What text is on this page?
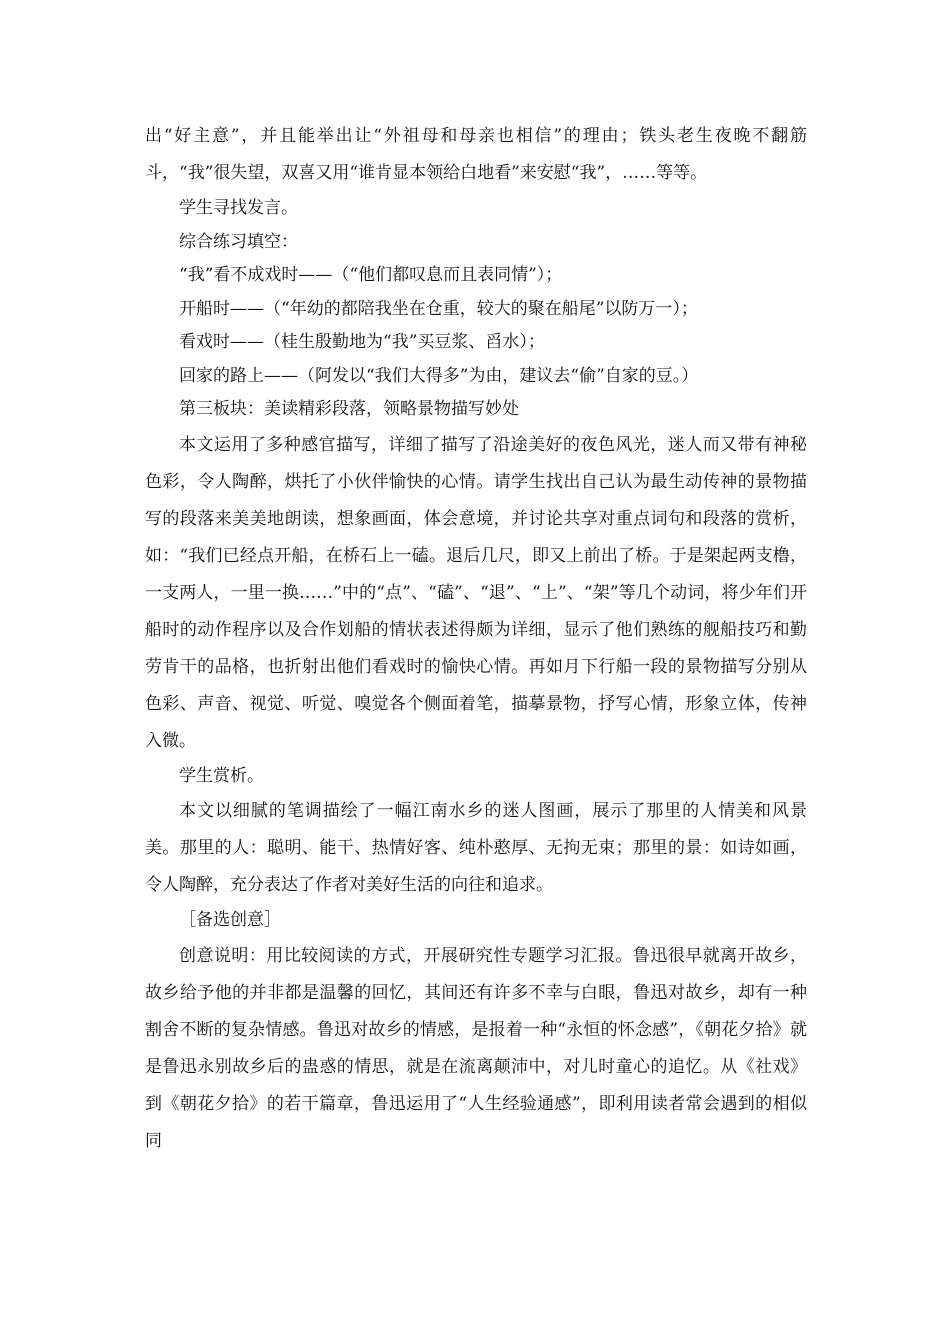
出“好主意”，并且能举出让“外祖母和母亲也相信”的理由；铁头老生夜晚不翻筋斗，“我”很失望，双喜又用“谁肯显本领给白地看”来安慰“我”，……等等。

学生寻找发言。

综合练习填空：

“我”看不成戏时——（“他们都叹息而且表同情”）；

开船时——（“年幼的都陪我坐在仓重，较大的聚在船尾”以防万一）；

看戏时——（桂生殷勤地为“我”买豆浆、舀水）；

回家的路上——（阿发以“我们大得多”为由，建议去“偷”自家的豆。）

第三板块：美读精彩段落，领略景物描写妙处

本文运用了多种感官描写，详细了描写了沿途美好的夜色风光，迷人而又带有神秘色彩，令人陶醉，烘托了小伙伴愉快的心情。请学生找出自己认为最生动传神的景物描写的段落来美美地朗读，想象画面，体会意境，并讨论共享对重点词句和段落的赏析，如：“我们已经点开船，在桥石上一磕。退后几尺，即又上前出了桥。于是架起两支橹，一支两人，一里一换……”中的“点”、“磕”、“退”、“上”、“架”等几个动词，将少年们开船时的动作程序以及合作划船的情状表述得颇为详细，显示了他们熟练的舰船技巧和勤劳肯干的品格，也折射出他们看戏时的愉快心情。再如月下行船一段的景物描写分别从色彩、声音、视觉、听觉、嗅觉各个侧面着笔，描摹景物，抒写心情，形象立体，传神入微。

学生赏析。

本文以细腻的笔调描绘了一幅江南水乡的迷人图画，展示了那里的人情美和风景美。那里的人：聪明、能干、热情好客、纯朴憨厚、无拘无束；那里的景：如诗如画，令人陶醉，充分表达了作者对美好生活的向往和追求。

［备选创意］

创意说明：用比较阅读的方式，开展研究性专题学习汇报。鲁迅很早就离开故乡，故乡给予他的并非都是温馨的回忆，其间还有许多不幸与白眼，鲁迅对故乡，却有一种割舍不断的复杂情感。鲁迅对故乡的情感，是报着一种“永恒的怀念感”，《朝花夕拾》就是鲁迅永别故乡后的蛊惑的情思，就是在流离颠沛中，对儿时童心的追忆。从《社戏》到《朝花夕拾》的若干篇章，鲁迅运用了“人生经验通感”，即利用读者常会遇到的相似同
